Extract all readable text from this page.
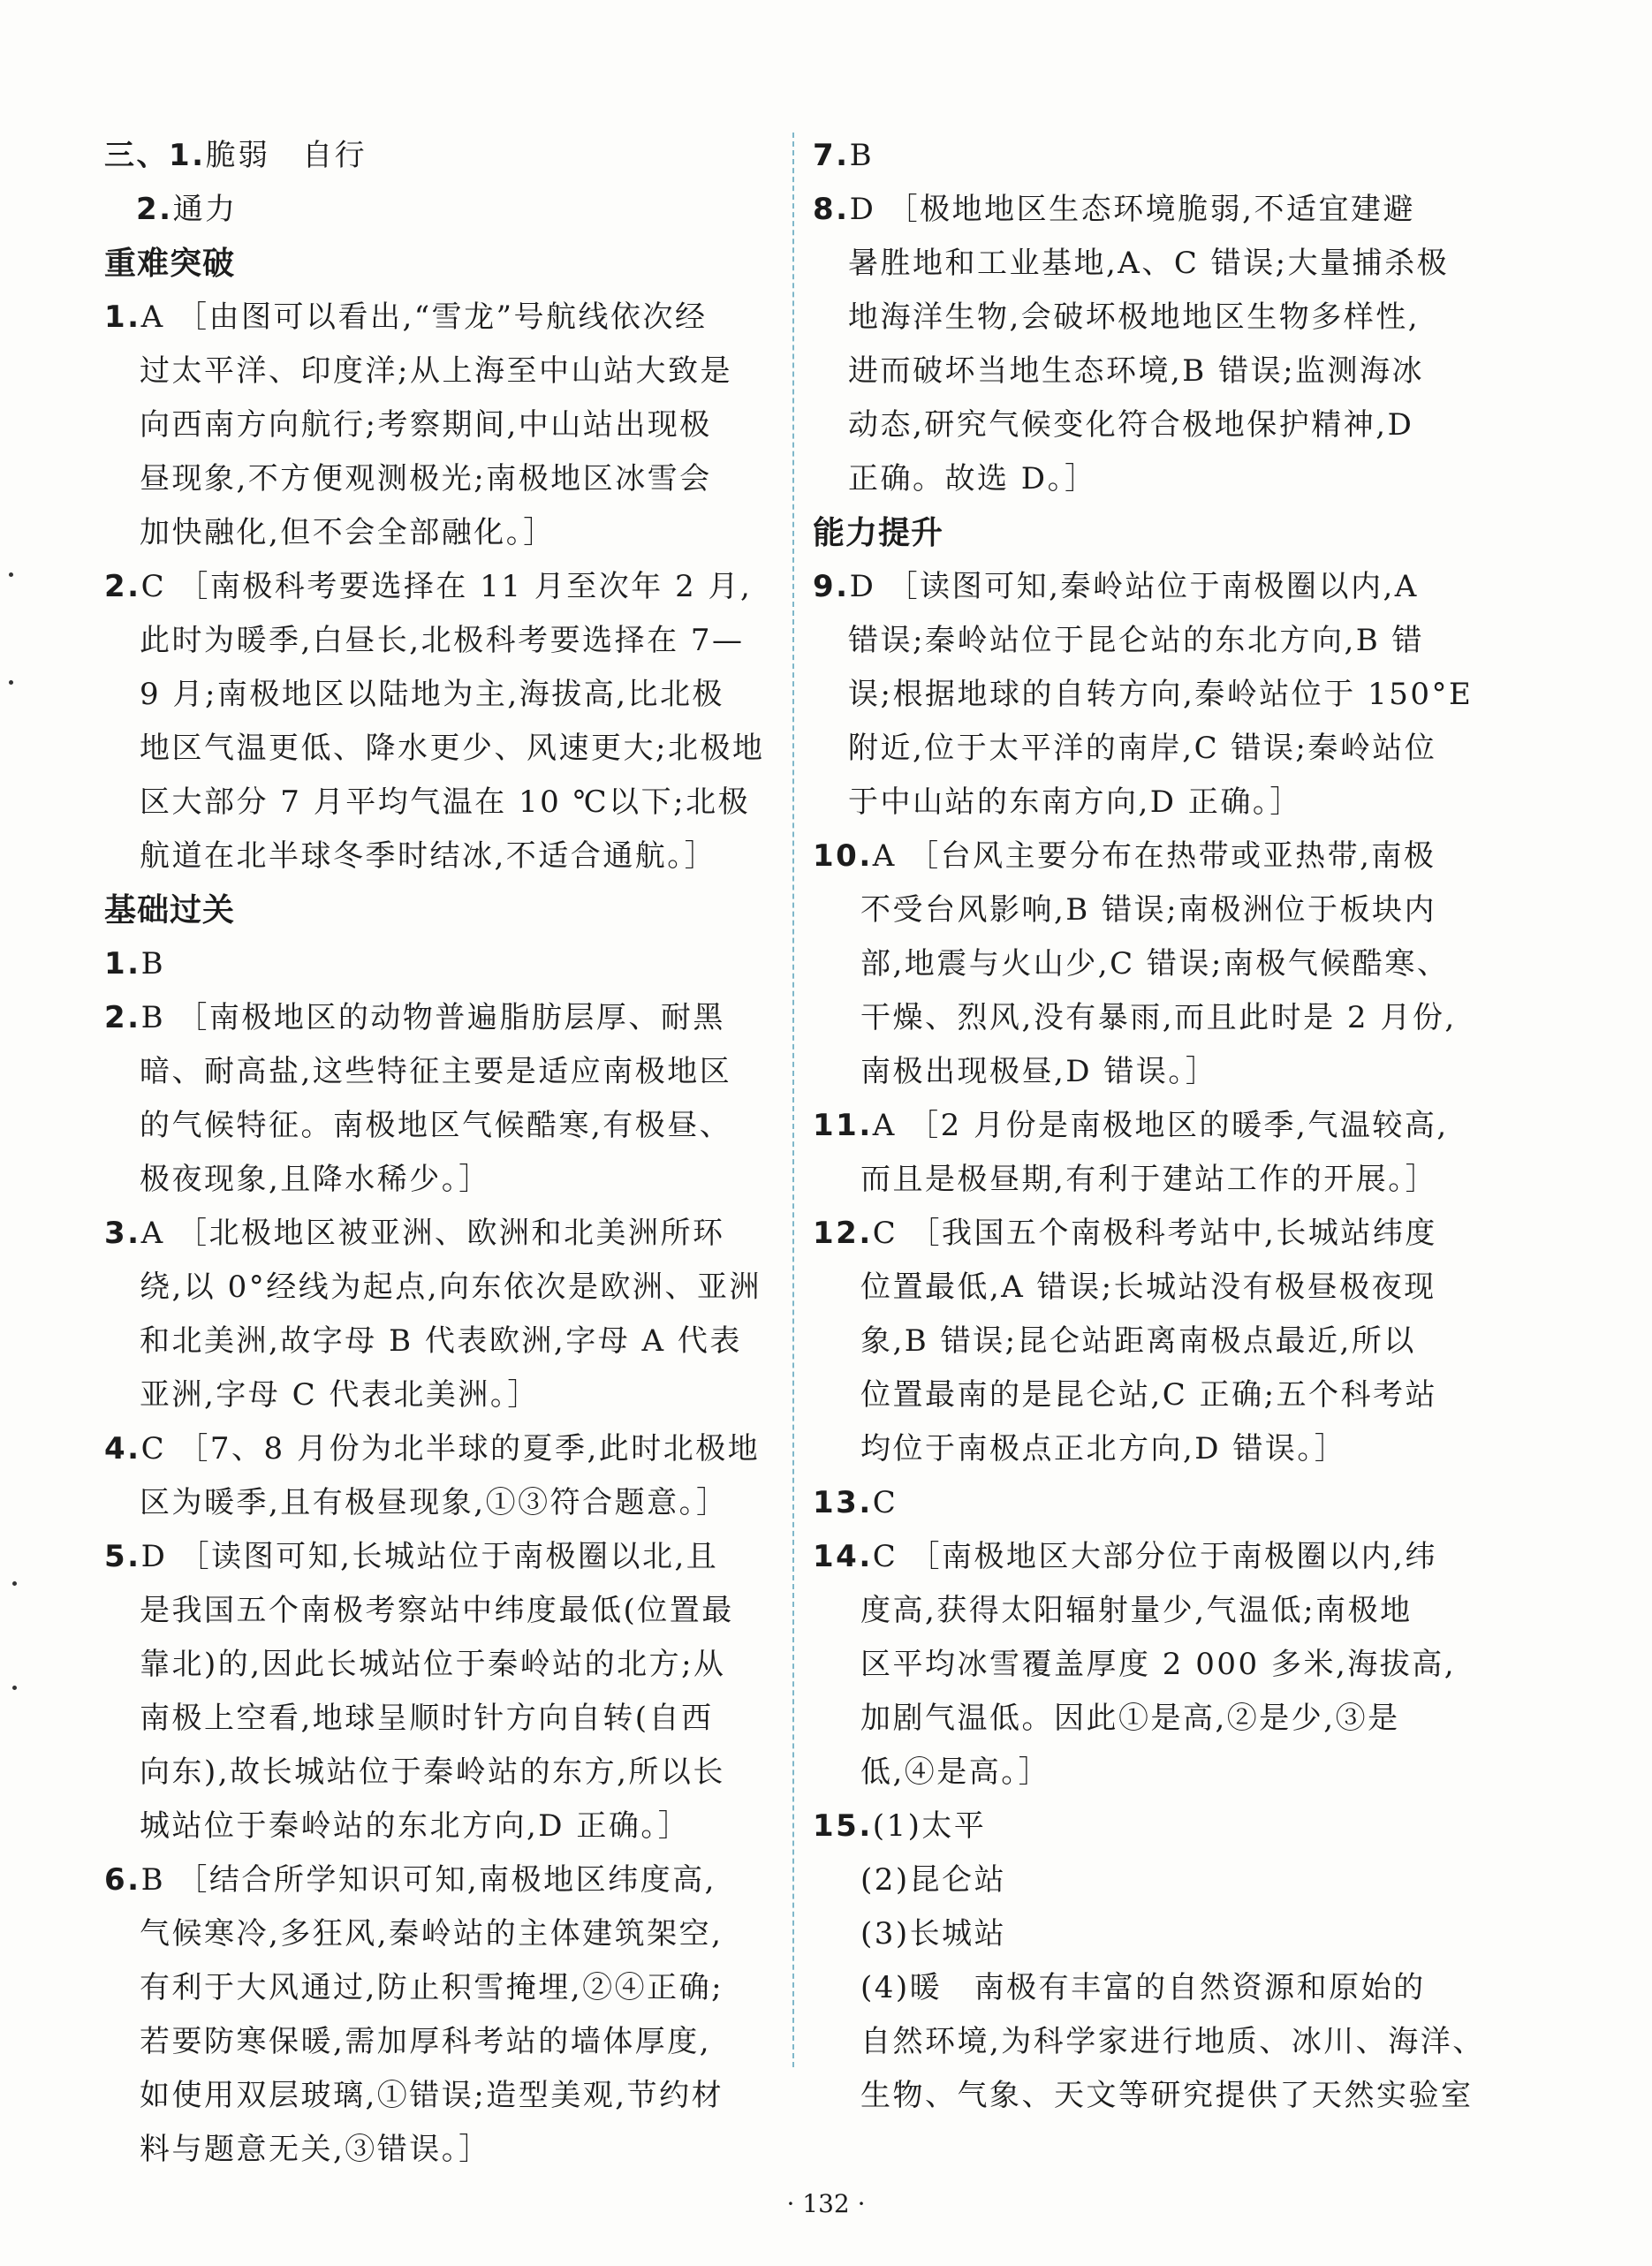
三、1.脆弱　自行
2.通力
重难突破
1.A ［由图可以看出,“雪龙”号航线依次经
过太平洋、印度洋;从上海至中山站大致是
向西南方向航行;考察期间,中山站出现极
昼现象,不方便观测极光;南极地区冰雪会
加快融化,但不会全部融化。］
2.C ［南极科考要选择在 11 月至次年 2 月,
此时为暖季,白昼长,北极科考要选择在 7—
9 月;南极地区以陆地为主,海拔高,比北极
地区气温更低、降水更少、风速更大;北极地
区大部分 7 月平均气温在 10 ℃以下;北极
航道在北半球冬季时结冰,不适合通航。］
基础过关
1.B
2.B ［南极地区的动物普遍脂肪层厚、耐黑
暗、耐高盐,这些特征主要是适应南极地区
的气候特征。南极地区气候酷寒,有极昼、
极夜现象,且降水稀少。］
3.A ［北极地区被亚洲、欧洲和北美洲所环
绕,以 0°经线为起点,向东依次是欧洲、亚洲
和北美洲,故字母 B 代表欧洲,字母 A 代表
亚洲,字母 C 代表北美洲。］
4.C ［7、8 月份为北半球的夏季,此时北极地
区为暖季,且有极昼现象,①③符合题意。］
5.D ［读图可知,长城站位于南极圈以北,且
是我国五个南极考察站中纬度最低(位置最
靠北)的,因此长城站位于秦岭站的北方;从
南极上空看,地球呈顺时针方向自转(自西
向东),故长城站位于秦岭站的东方,所以长
城站位于秦岭站的东北方向,D 正确。］
6.B ［结合所学知识可知,南极地区纬度高,
气候寒冷,多狂风,秦岭站的主体建筑架空,
有利于大风通过,防止积雪掩埋,②④正确;
若要防寒保暖,需加厚科考站的墙体厚度,
如使用双层玻璃,①错误;造型美观,节约材
料与题意无关,③错误。］
7.B
8.D ［极地地区生态环境脆弱,不适宜建避
暑胜地和工业基地,A、C 错误;大量捕杀极
地海洋生物,会破坏极地地区生物多样性,
进而破坏当地生态环境,B 错误;监测海冰
动态,研究气候变化符合极地保护精神,D
正确。故选 D。］
能力提升
9.D ［读图可知,秦岭站位于南极圈以内,A
错误;秦岭站位于昆仑站的东北方向,B 错
误;根据地球的自转方向,秦岭站位于 150°E
附近,位于太平洋的南岸,C 错误;秦岭站位
于中山站的东南方向,D 正确。］
10.A ［台风主要分布在热带或亚热带,南极
不受台风影响,B 错误;南极洲位于板块内
部,地震与火山少,C 错误;南极气候酷寒、
干燥、烈风,没有暴雨,而且此时是 2 月份,
南极出现极昼,D 错误。］
11.A ［2 月份是南极地区的暖季,气温较高,
而且是极昼期,有利于建站工作的开展。］
12.C ［我国五个南极科考站中,长城站纬度
位置最低,A 错误;长城站没有极昼极夜现
象,B 错误;昆仑站距离南极点最近,所以
位置最南的是昆仑站,C 正确;五个科考站
均位于南极点正北方向,D 错误。］
13.C
14.C ［南极地区大部分位于南极圈以内,纬
度高,获得太阳辐射量少,气温低;南极地
区平均冰雪覆盖厚度 2 000 多米,海拔高,
加剧气温低。因此①是高,②是少,③是
低,④是高。］
15.(1)太平
(2)昆仑站
(3)长城站
(4)暖　南极有丰富的自然资源和原始的
自然环境,为科学家进行地质、冰川、海洋、
生物、气象、天文等研究提供了天然实验室
· 132 ·
